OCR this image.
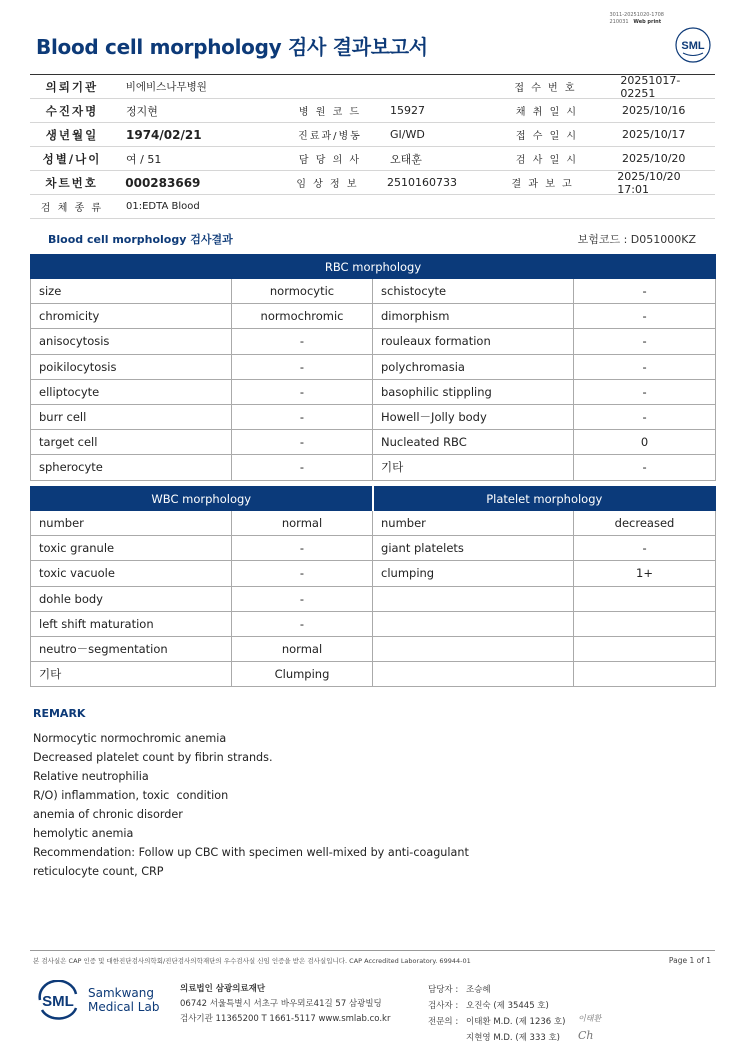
3011-20251020-1708
210031 Web print
Blood cell morphology 검사 결과보고서	SML
의뢰기관	비에비스나무병원	접 수 번 호
20251017-02251
수진자명	정지현	병 원 코 드	15927	채 취 일 시	2025/10/16
생년월일	1974/02/21	진료과/병동	GI/WD	접 수 일 시	2025/10/17
성별/나이	여 / 51	담 당 의 사	오태훈	검 사 일 시	2025/10/20
차트번호	000283669	임 상 정 보	2510160733	결 과 보 고
2025/10/20 17:01
검 체 종 류	01:EDTA Blood
Blood cell morphology 검사결과	보험코드 : D051000KZ
RBC morphology			
size	normocytic	schistocyte	-
chromicity	normochromic	dimorphism	-
anisocytosis	-	rouleaux formation	-
poikilocytosis	-	polychromasia	-
elliptocyte	-	basophilic stippling	-
burr cell	-	Howell－Jolly body	-
target cell	-	Nucleated RBC	0
spherocyte	-	기타	-
WBC morphology		Platelet morphology	
number	normal	number	decreased
toxic granule	-	giant platelets	-
toxic vacuole	-	clumping	1+
dohle body	-		
left shift maturation	-		
neutro－segmentation	normal		
기타	Clumping		
REMARK
Normocytic normochromic anemia
Decreased platelet count by fibrin strands.
Relative neutrophilia
R/O) inflammation, toxic  condition
anemia of chronic disorder
hemolytic anemia
Recommendation: Follow up CBC with specimen well-mixed by anti-coagulant
reticulocyte count, CRP
본 검사실은 CAP 인증 및 대한진단검사의학회/진단검사의학재단의 우수검사실 신임 인증을 받은 검사실입니다. CAP Accredited Laboratory. 69944-01	Page 1 of 1
SML Samkwang
Medical Lab
의료법인 삼광의료재단
06742 서울특별시 서초구 바우뫼로41길 57 삼광빌딩
검사기관 11365200 T 1661-5117 www.smlab.co.kr
담당자 : 조승혜
검사자 : 오진숙 (제 35445 호)
전문의 : 이태환 M.D. (제 1236 호)
지현영 M.D. (제 333 호)
이태환
Ch
